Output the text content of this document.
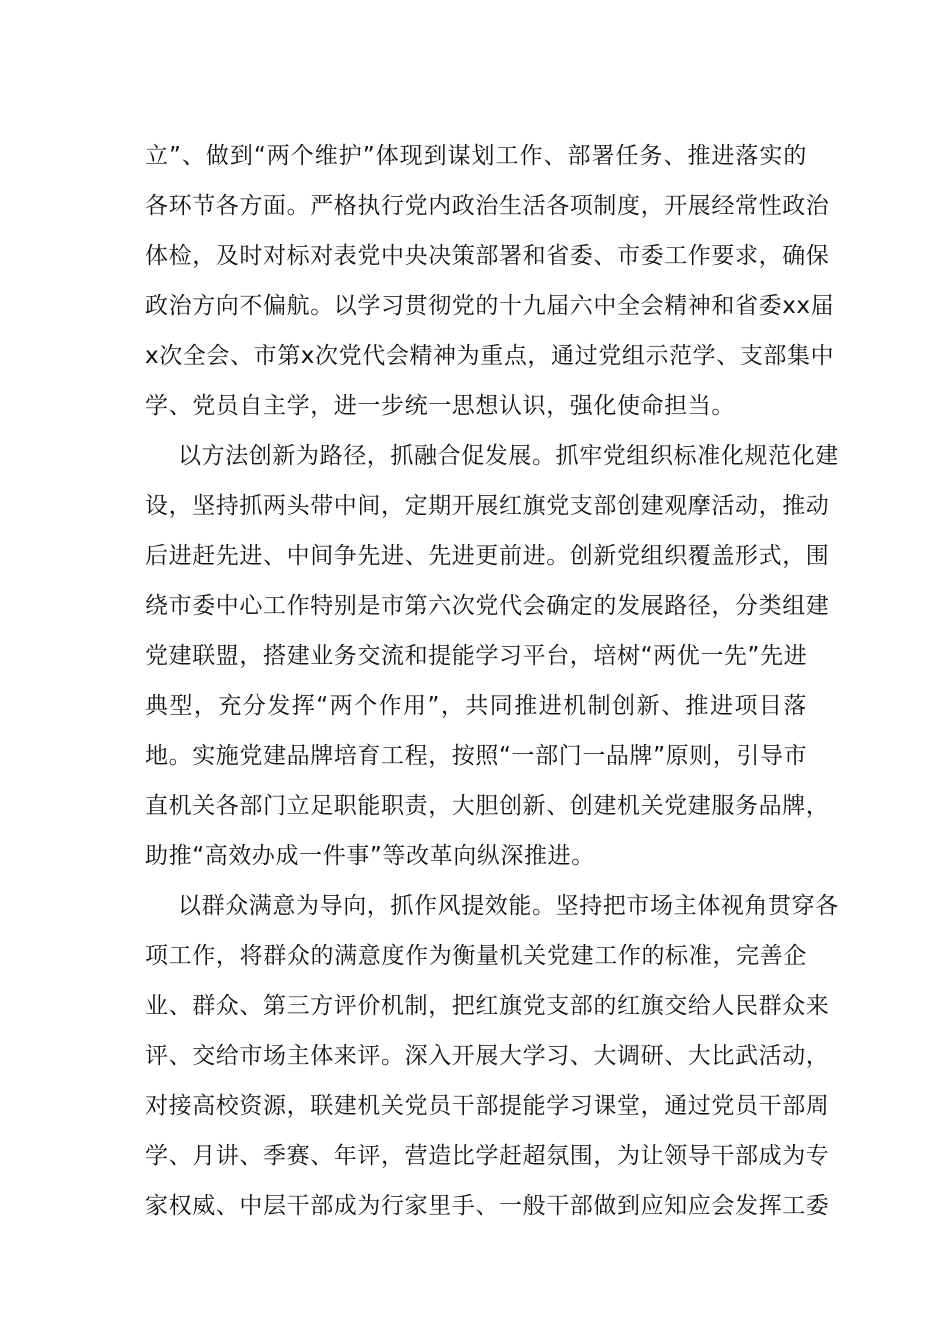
立”、做到“两个维护”体现到谋划工作、部署任务、推进落实的
各环节各方面。严格执行党内政治生活各项制度，开展经常性政治
体检，及时对标对表党中央决策部署和省委、市委工作要求，确保
政治方向不偏航。以学习贯彻党的十九届六中全会精神和省委xx届
x次全会、市第x次党代会精神为重点，通过党组示范学、支部集中
学、党员自主学，进一步统一思想认识，强化使命担当。
以方法创新为路径，抓融合促发展。抓牢党组织标准化规范化建
设，坚持抓两头带中间，定期开展红旗党支部创建观摩活动，推动
后进赶先进、中间争先进、先进更前进。创新党组织覆盖形式，围
绕市委中心工作特别是市第六次党代会确定的发展路径，分类组建
党建联盟，搭建业务交流和提能学习平台，培树“两优一先”先进
典型，充分发挥“两个作用”，共同推进机制创新、推进项目落
地。实施党建品牌培育工程，按照“一部门一品牌”原则，引导市
直机关各部门立足职能职责，大胆创新、创建机关党建服务品牌，
助推“高效办成一件事”等改革向纵深推进。
以群众满意为导向，抓作风提效能。坚持把市场主体视角贯穿各
项工作，将群众的满意度作为衡量机关党建工作的标准，完善企
业、群众、第三方评价机制，把红旗党支部的红旗交给人民群众来
评、交给市场主体来评。深入开展大学习、大调研、大比武活动，
对接高校资源，联建机关党员干部提能学习课堂，通过党员干部周
学、月讲、季赛、年评，营造比学赶超氛围，为让领导干部成为专
家权威、中层干部成为行家里手、一般干部做到应知应会发挥工委
